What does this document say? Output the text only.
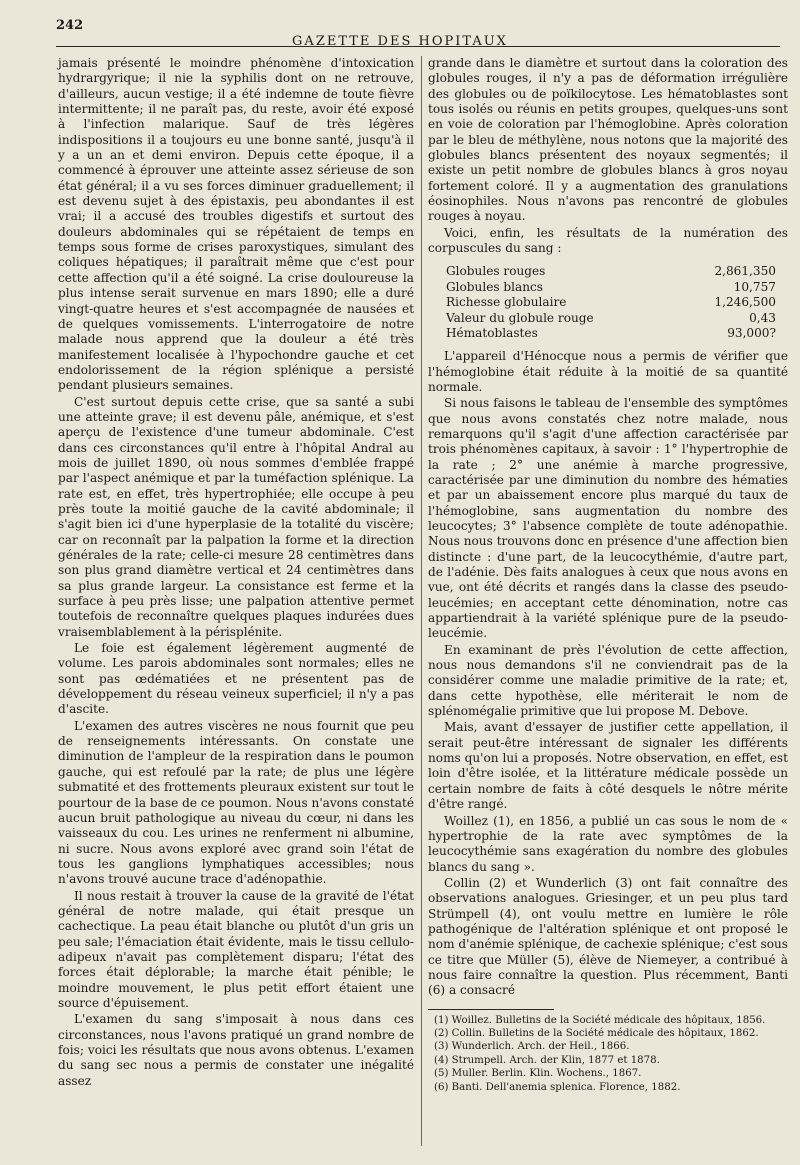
242
GAZETTE DES HOPITAUX

jamais présenté le moindre phénomène d'intoxication hydrargyrique; il nie la syphilis dont on ne retrouve, d'ailleurs, aucun vestige; il a été indemne de toute fièvre intermittente; il ne paraît pas, du reste, avoir été exposé à l'infection malarique. Sauf de très légères indispositions il a toujours eu une bonne santé, jusqu'à il y a un an et demi environ. Depuis cette époque, il a commencé à éprouver une atteinte assez sérieuse de son état général; il a vu ses forces diminuer graduellement; il est devenu sujet à des épistaxis, peu abondantes il est vrai; il a accusé des troubles digestifs et surtout des douleurs abdominales qui se répétaient de temps en temps sous forme de crises paroxystiques, simulant des coliques hépatiques; il paraîtrait même que c'est pour cette affection qu'il a été soigné. La crise douloureuse la plus intense serait survenue en mars 1890; elle a duré vingt-quatre heures et s'est accompagnée de nausées et de quelques vomissements. L'interrogatoire de notre malade nous apprend que la douleur a été très manifestement localisée à l'hypochondre gauche et cet endolorissement de la région splénique a persisté pendant plusieurs semaines.

C'est surtout depuis cette crise, que sa santé a subi une atteinte grave; il est devenu pâle, anémique, et s'est aperçu de l'existence d'une tumeur abdominale. C'est dans ces circonstances qu'il entre à l'hôpital Andral au mois de juillet 1890, où nous sommes d'emblée frappé par l'aspect anémique et par la tuméfaction splénique. La rate est, en effet, très hypertrophiée; elle occupe à peu près toute la moitié gauche de la cavité abdominale; il s'agit bien ici d'une hyperplasie de la totalité du viscère; car on reconnaît par la palpation la forme et la direction générales de la rate; celle-ci mesure 28 centimètres dans son plus grand diamètre vertical et 24 centimètres dans sa plus grande largeur. La consistance est ferme et la surface à peu près lisse; une palpation attentive permet toutefois de reconnaître quelques plaques indurées dues vraisemblablement à la périsplénite.

Le foie est également légèrement augmenté de volume. Les parois abdominales sont normales; elles ne sont pas œdématiées et ne présentent pas de développement du réseau veineux superficiel; il n'y a pas d'ascite.

L'examen des autres viscères ne nous fournit que peu de renseignements intéressants. On constate une diminution de l'ampleur de la respiration dans le poumon gauche, qui est refoulé par la rate; de plus une légère submatité et des frottements pleuraux existent sur tout le pourtour de la base de ce poumon. Nous n'avons constaté aucun bruit pathologique au niveau du cœur, ni dans les vaisseaux du cou. Les urines ne renferment ni albumine, ni sucre. Nous avons exploré avec grand soin l'état de tous les ganglions lymphatiques accessibles; nous n'avons trouvé aucune trace d'adénopathie.

Il nous restait à trouver la cause de la gravité de l'état général de notre malade, qui était presque un cachectique. La peau était blanche ou plutôt d'un gris un peu sale; l'émaciation était évidente, mais le tissu cellulo-adipeux n'avait pas complètement disparu; l'état des forces était déplorable; la marche était pénible; le moindre mouvement, le plus petit effort étaient une source d'épuisement.

L'examen du sang s'imposait à nous dans ces circonstances, nous l'avons pratiqué un grand nombre de fois; voici les résultats que nous avons obtenus. L'examen du sang sec nous a permis de constater une inégalité assez

grande dans le diamètre et surtout dans la coloration des globules rouges, il n'y a pas de déformation irrégulière des globules ou de poïkilocytose. Les hématoblastes sont tous isolés ou réunis en petits groupes, quelques-uns sont en voie de coloration par l'hémoglobine. Après coloration par le bleu de méthylène, nous notons que la majorité des globules blancs présentent des noyaux segmentés; il existe un petit nombre de globules blancs à gros noyau fortement coloré. Il y a augmentation des granulations éosinophiles. Nous n'avons pas rencontré de globules rouges à noyau.

Voici, enfin, les résultats de la numération des corpuscules du sang :

Globules rouges	2,861,350
Globules blancs	10,757
Richesse globulaire	1,246,500
Valeur du globule rouge	0,43
Hématoblastes	93,000?

L'appareil d'Hénocque nous a permis de vérifier que l'hémoglobine était réduite à la moitié de sa quantité normale.

Si nous faisons le tableau de l'ensemble des symptômes que nous avons constatés chez notre malade, nous remarquons qu'il s'agit d'une affection caractérisée par trois phénomènes capitaux, à savoir : 1° l'hypertrophie de la rate ; 2° une anémie à marche progressive, caractérisée par une diminution du nombre des hématies et par un abaissement encore plus marqué du taux de l'hémoglobine, sans augmentation du nombre des leucocytes; 3° l'absence complète de toute adénopathie. Nous nous trouvons donc en présence d'une affection bien distincte : d'une part, de la leucocythémie, d'autre part, de l'adénie. Dès faits analogues à ceux que nous avons en vue, ont été décrits et rangés dans la classe des pseudo-leucémies; en acceptant cette dénomination, notre cas appartiendrait à la variété splénique pure de la pseudo-leucémie.

En examinant de près l'évolution de cette affection, nous nous demandons s'il ne conviendrait pas de la considérer comme une maladie primitive de la rate; et, dans cette hypothèse, elle mériterait le nom de splénomégalie primitive que lui propose M. Debove.

Mais, avant d'essayer de justifier cette appellation, il serait peut-être intéressant de signaler les différents noms qu'on lui a proposés. Notre observation, en effet, est loin d'être isolée, et la littérature médicale possède un certain nombre de faits à côté desquels le nôtre mérite d'être rangé.

Woillez (1), en 1856, a publié un cas sous le nom de « hypertrophie de la rate avec symptômes de la leucocythémie sans exagération du nombre des globules blancs du sang ».

Collin (2) et Wunderlich (3) ont fait connaître des observations analogues. Griesinger, et un peu plus tard Strümpell (4), ont voulu mettre en lumière le rôle pathogénique de l'altération splénique et ont proposé le nom d'anémie splénique, de cachexie splénique; c'est sous ce titre que Müller (5), élève de Niemeyer, a contribué à nous faire connaître la question. Plus récemment, Banti (6) a consacré

(1) Woillez. Bulletins de la Société médicale des hôpitaux, 1856.
(2) Collin. Bulletins de la Société médicale des hôpitaux, 1862.
(3) Wunderlich. Arch. der Heil., 1866.
(4) Strumpell. Arch. der Klin, 1877 et 1878.
(5) Muller. Berlin. Klin. Wochens., 1867.
(6) Banti. Dell'anemia splenica. Florence, 1882.
